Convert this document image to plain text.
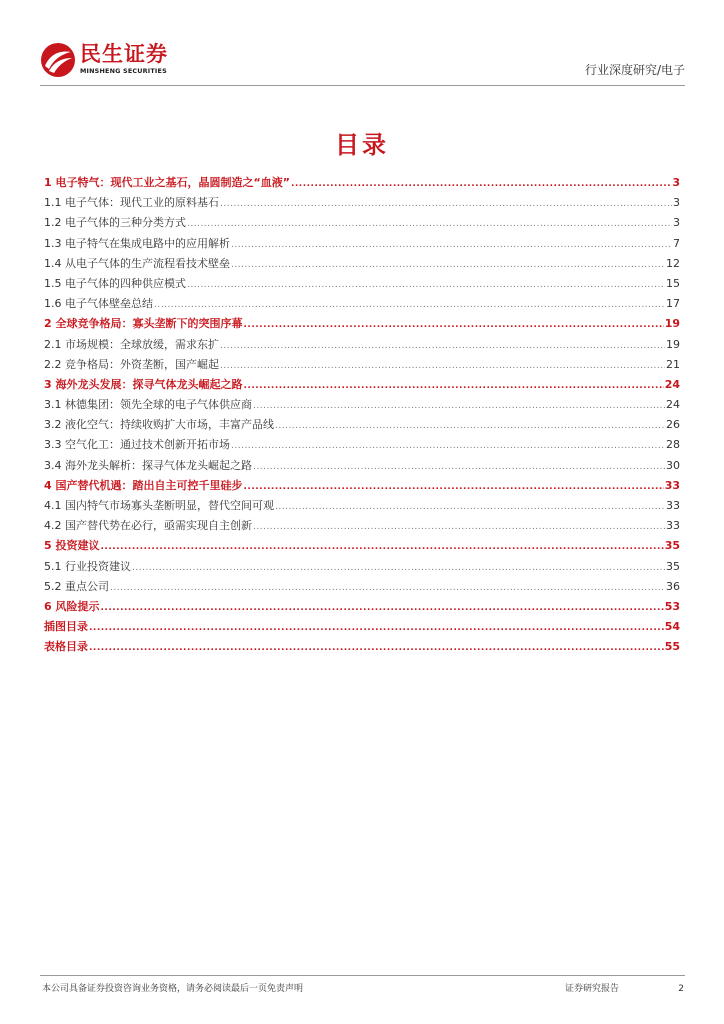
民生证券
MINSHENG SECURITIES	行业深度研究/电子
目录
1 电子特气：现代工业之基石，晶圆制造之“血液” .....	3
1.1 电子气体：现代工业的原料基石 .....	3
1.2 电子气体的三种分类方式 .....	3
1.3 电子特气在集成电路中的应用解析 .....	7
1.4 从电子气体的生产流程看技术壁垒 .....	12
1.5 电子气体的四种供应模式 .....	15
1.6 电子气体壁垒总结 .....	17
2 全球竞争格局：寡头垄断下的突围序幕 .....	19
2.1 市场规模：全球放缓，需求东扩 .....	19
2.2 竞争格局：外资垄断，国产崛起 .....	21
3 海外龙头发展：探寻气体龙头崛起之路 .....	24
3.1 林德集团：领先全球的电子气体供应商 .....	24
3.2 液化空气：持续收购扩大市场，丰富产品线 .....	26
3.3 空气化工：通过技术创新开拓市场 .....	28
3.4 海外龙头解析：探寻气体龙头崛起之路 .....	30
4 国产替代机遇：踏出自主可控千里硅步 .....	33
4.1 国内特气市场寡头垄断明显，替代空间可观 .....	33
4.2 国产替代势在必行，亟需实现自主创新 .....	33
5 投资建议 .....	35
5.1 行业投资建议 .....	35
5.2 重点公司 .....	36
6 风险提示 .....	53
插图目录 .....	54
表格目录 .....	55
本公司具备证券投资咨询业务资格，请务必阅读最后一页免责声明	证券研究报告	2
